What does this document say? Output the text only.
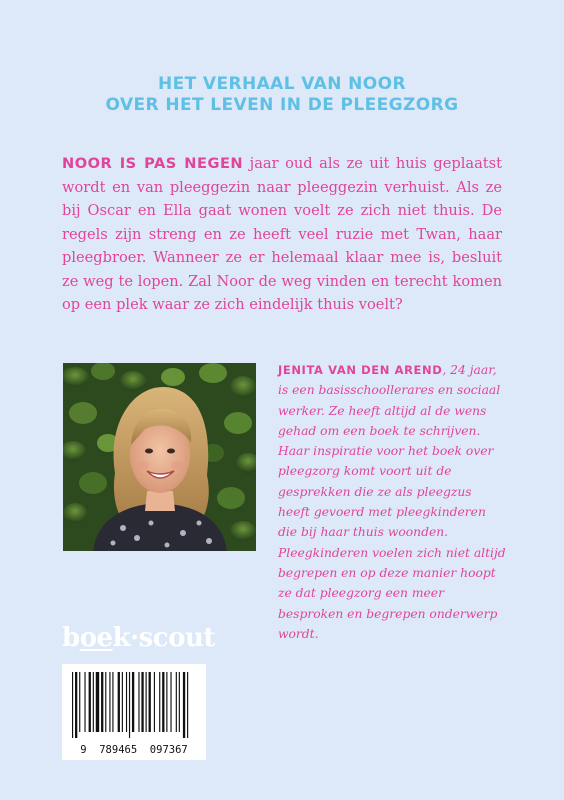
HET VERHAAL VAN NOOR
OVER HET LEVEN IN DE PLEEGZORG
NOOR IS PAS NEGEN jaar oud als ze uit huis geplaatst wordt en van pleeggezin naar pleeggezin verhuist. Als ze bij Oscar en Ella gaat wonen voelt ze zich niet thuis. De regels zijn streng en ze heeft veel ruzie met Twan, haar pleegbroer. Wanneer ze er helemaal klaar mee is, besluit ze weg te lopen. Zal Noor de weg vinden en terecht komen op een plek waar ze zich eindelijk thuis voelt?
JENITA VAN DEN AREND, 24 jaar, is een basisschoollerares en sociaal werker. Ze heeft altijd al de wens gehad om een boek te schrijven. Haar inspiratie voor het boek over pleegzorg komt voort uit de gesprekken die ze als pleegzus heeft gevoerd met pleegkinderen die bij haar thuis woonden. Pleegkinderen voelen zich niet altijd begrepen en op deze manier hoopt ze dat pleegzorg een meer besproken en begrepen onderwerp wordt.
boek·scout
9  789465  097367
